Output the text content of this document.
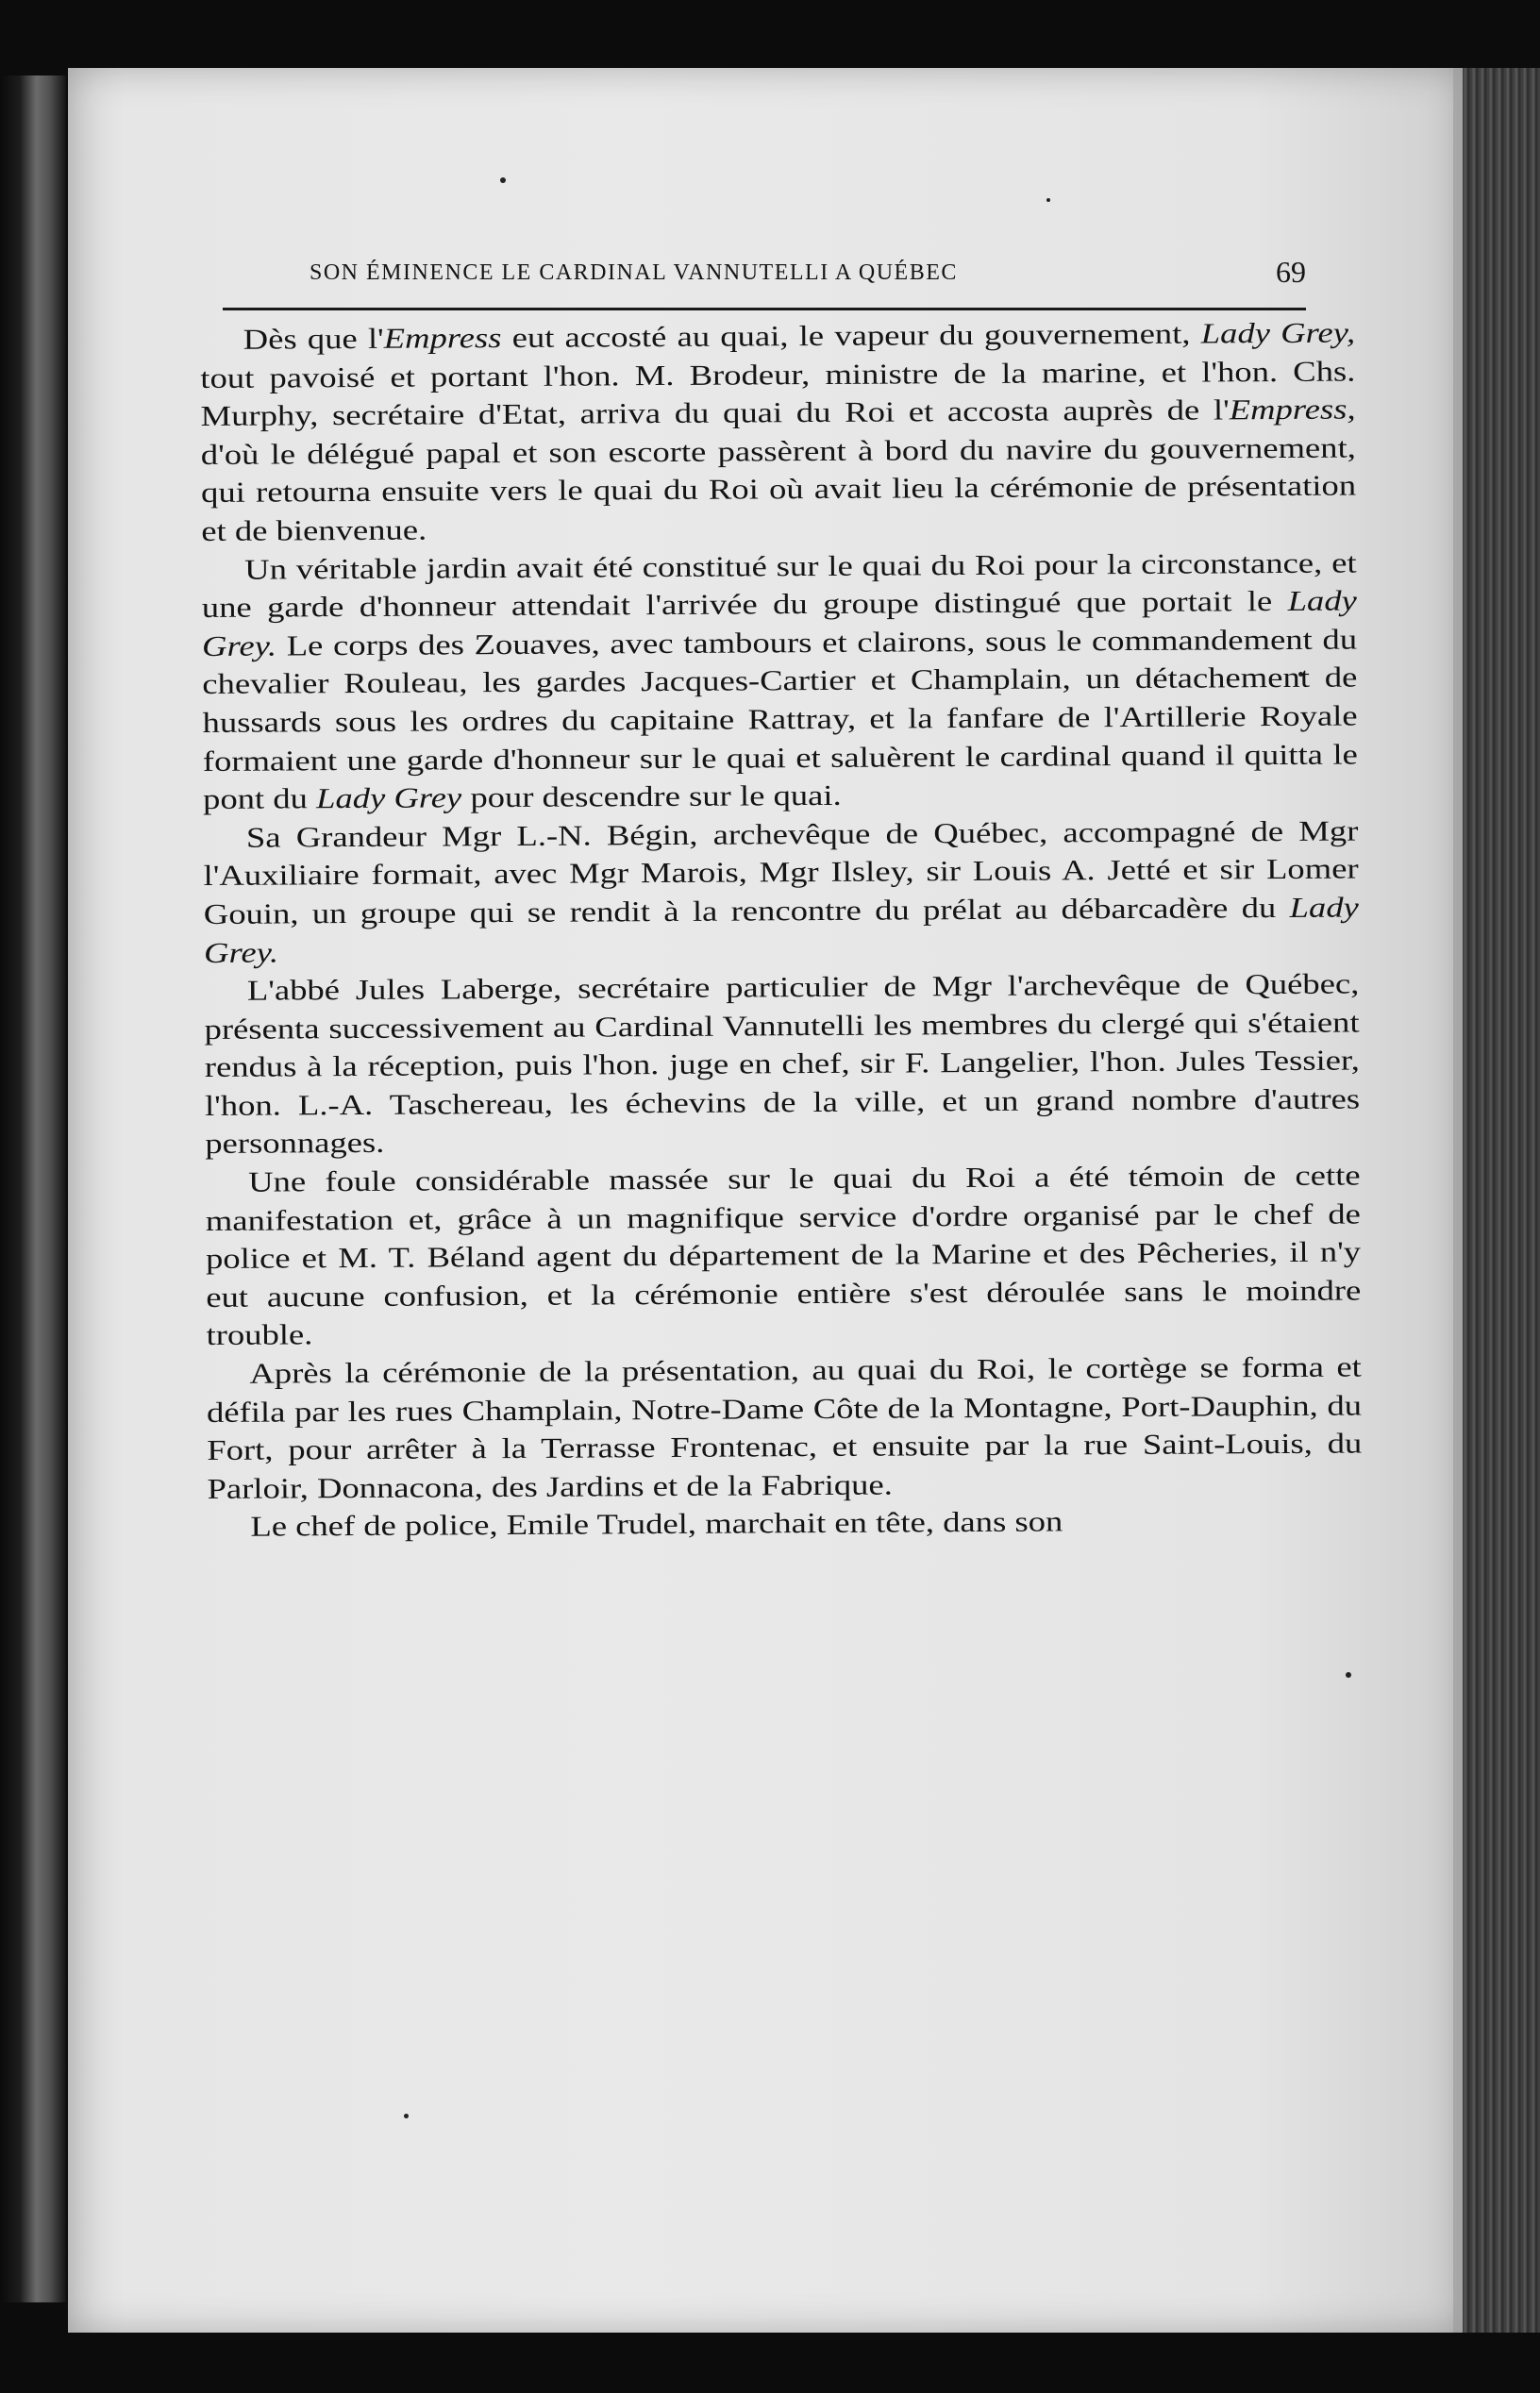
SON ÉMINENCE LE CARDINAL VANNUTELLI A QUÉBEC	69

Dès que l'Empress eut accosté au quai, le vapeur du gouvernement, Lady Grey, tout pavoisé et portant l'hon. M. Brodeur, ministre de la marine, et l'hon. Chs. Murphy, secrétaire d'Etat, arriva du quai du Roi et accosta auprès de l'Empress, d'où le délégué papal et son escorte passèrent à bord du navire du gouvernement, qui retourna ensuite vers le quai du Roi où avait lieu la cérémonie de présentation et de bienvenue.

Un véritable jardin avait été constitué sur le quai du Roi pour la circonstance, et une garde d'honneur attendait l'arrivée du groupe distingué que portait le Lady Grey. Le corps des Zouaves, avec tambours et clairons, sous le commandement du chevalier Rouleau, les gardes Jacques-Cartier et Champlain, un détachement de hussards sous les ordres du capitaine Rattray, et la fanfare de l'Artillerie Royale formaient une garde d'honneur sur le quai et saluèrent le cardinal quand il quitta le pont du Lady Grey pour descendre sur le quai.

Sa Grandeur Mgr L.-N. Bégin, archevêque de Québec, accompagné de Mgr l'Auxiliaire formait, avec Mgr Marois, Mgr Ilsley, sir Louis A. Jetté et sir Lomer Gouin, un groupe qui se rendit à la rencontre du prélat au débarcadère du Lady Grey.

L'abbé Jules Laberge, secrétaire particulier de Mgr l'archevêque de Québec, présenta successivement au Cardinal Vannutelli les membres du clergé qui s'étaient rendus à la réception, puis l'hon. juge en chef, sir F. Langelier, l'hon. Jules Tessier, l'hon. L.-A. Taschereau, les échevins de la ville, et un grand nombre d'autres personnages.

Une foule considérable massée sur le quai du Roi a été témoin de cette manifestation et, grâce à un magnifique service d'ordre organisé par le chef de police et M. T. Béland agent du département de la Marine et des Pêcheries, il n'y eut aucune confusion, et la cérémonie entière s'est déroulée sans le moindre trouble.

Après la cérémonie de la présentation, au quai du Roi, le cortège se forma et défila par les rues Champlain, Notre-Dame Côte de la Montagne, Port-Dauphin, du Fort, pour arrêter à la Terrasse Frontenac, et ensuite par la rue Saint-Louis, du Parloir, Donnacona, des Jardins et de la Fabrique.

Le chef de police, Emile Trudel, marchait en tête, dans son
